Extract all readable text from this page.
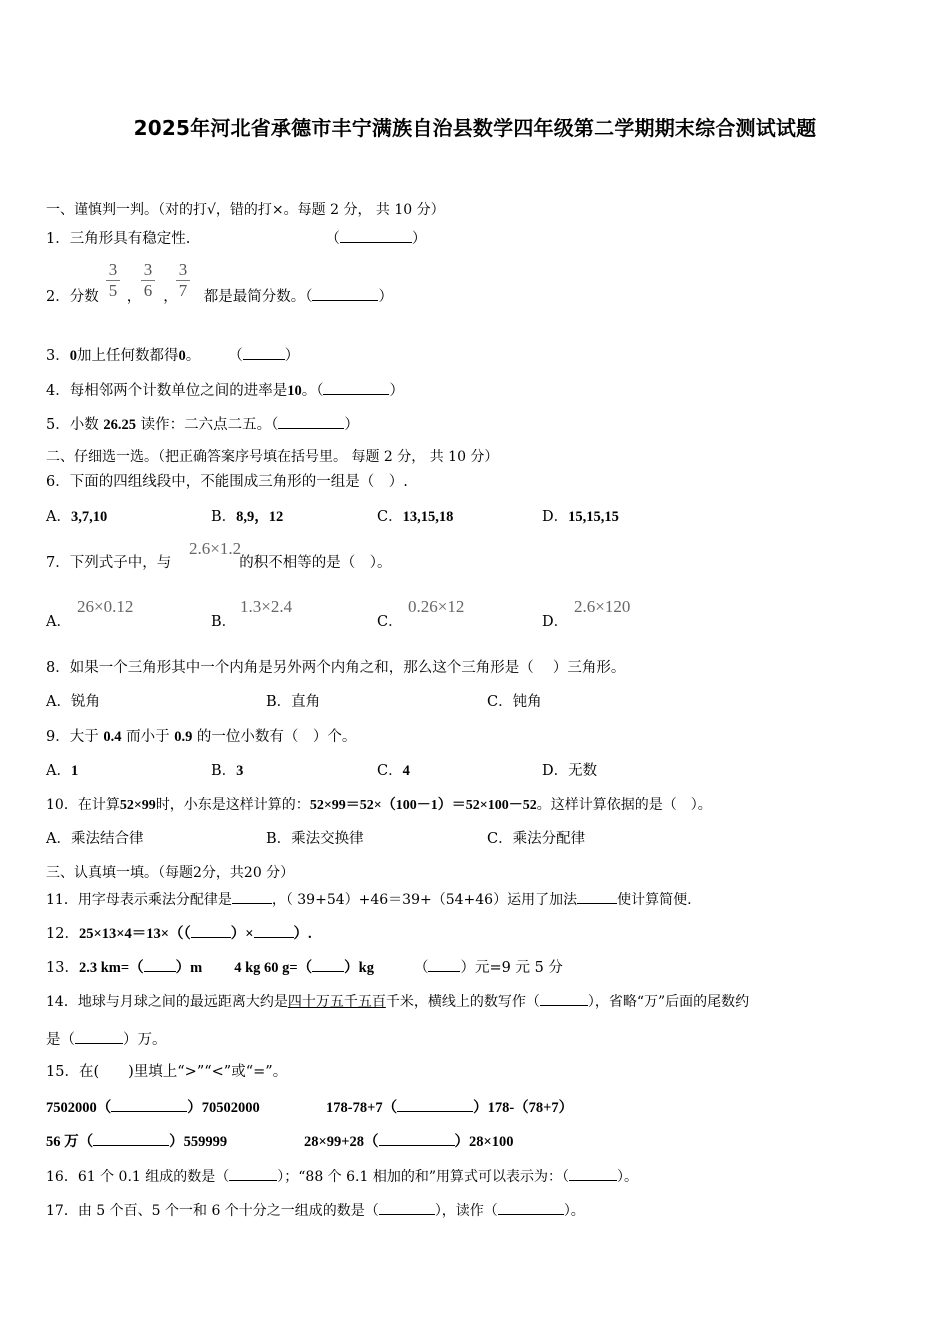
2025年河北省承德市丰宁满族自治县数学四年级第二学期期末综合测试试题
一、谨慎判一判。（对的打√，错的打×。每题 2 分， 共 10 分）
1．三角形具有稳定性.	（	）
2．分数 ， ， 都是最简分数。（	）
$\frac{3}{5} \frac{3}{6} \frac{3}{7}$
3．0加上任何数都得0。 （	）
4．每相邻两个计数单位之间的进率是10。（	）
5．小数 26.25 读作：二六点二五。（	）
二、仔细选一选。（把正确答案序号填在括号里。 每题 2 分， 共 10 分）
6．下面的四组线段中，不能围成三角形的一组是（　）.
A．3,7,10	B．8,9，12	C．13,15,18	D．15,15,15
7．下列式子中，与	的积不相等的是（　）。
2.6×1.2
A．
26×0.12
B．
1.3×2.4
C．
0.26×12
D．
2.6×120
8．如果一个三角形其中一个内角是另外两个内角之和，那么这个三角形是（　 ）三角形。
A．锐角	B．直角	C．钝角
9．大于 0.4 而小于 0.9 的一位小数有（　）个。
A．1	B．3	C．4	D．无数
10．在计算52×99时，小东是这样计算的：52×99＝52×（100－1）＝52×100－52。这样计算依据的是（　）。
A．乘法结合律	B．乘法交换律	C．乘法分配律
三、认真填一填。（每题2分，共20 分）
11．用字母表示乘法分配律是	，（ 39+54）+46＝39+（54+46）运用了加法	使计算简便.
12．25×13×4＝13×（（	）×	）.
13．2.3 km=（ ）m 4 kg 60 g=（ ）kg	（ ）元=9 元 5 分
14．地球与月球之间的最远距离大约是四十万五千五百千米，横线上的数写作（	），省略“万”后面的尾数约
是（	）万。
15．在(　　)里填上“>”“<”或“=”。
7502000（	）70502000	178-78+7（	）178-（78+7）
56 万（	）559999	28×99+28（	）28×100
16．61 个 0.1 组成的数是（	）；“88 个 6.1 相加的和”用算式可以表示为：（	）。
17．由 5 个百、5 个一和 6 个十分之一组成的数是（	），读作（	）。
